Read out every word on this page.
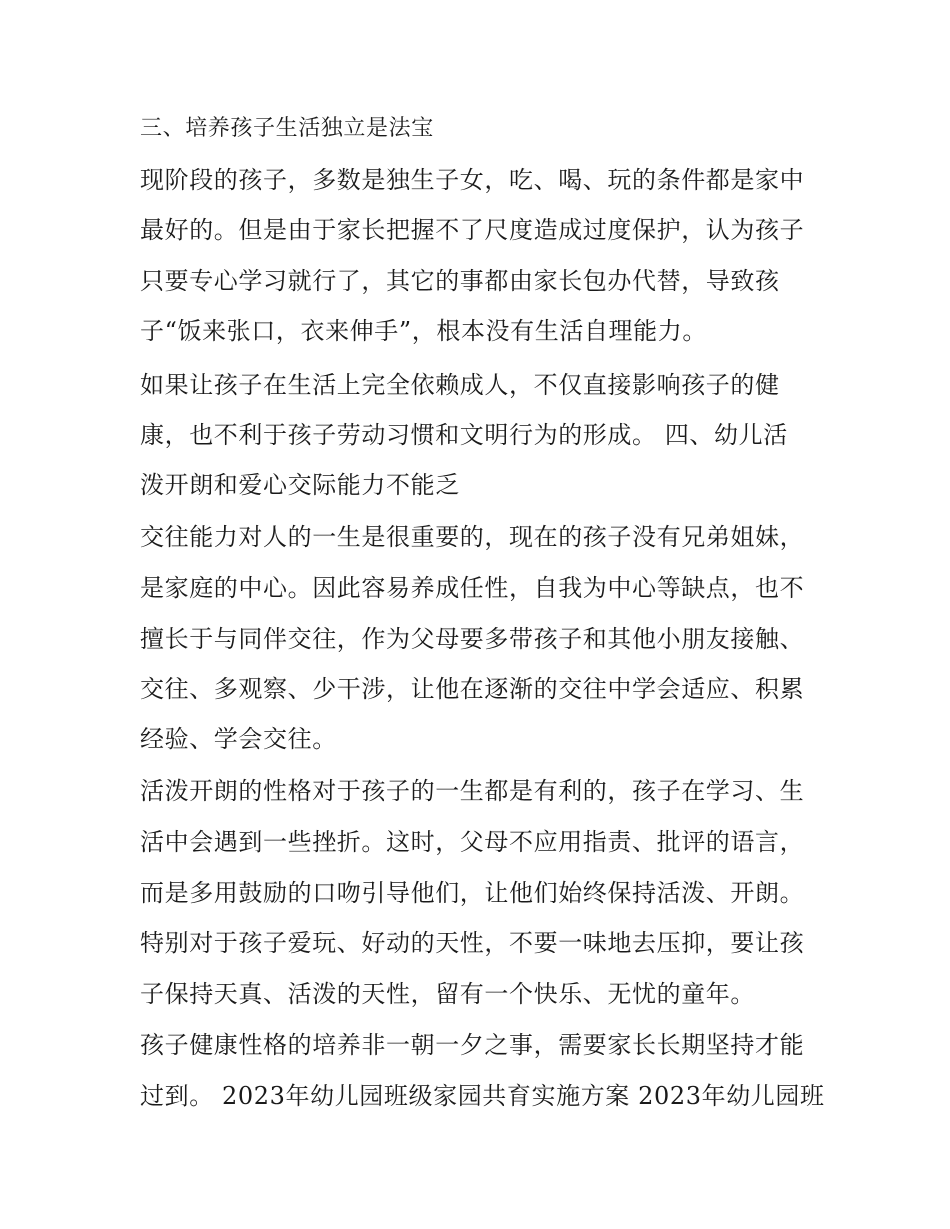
三、培养孩子生活独立是法宝
现阶段的孩子，多数是独生子女，吃、喝、玩的条件都是家中
最好的。但是由于家长把握不了尺度造成过度保护，认为孩子
只要专心学习就行了，其它的事都由家长包办代替，导致孩
子“饭来张口，衣来伸手”，根本没有生活自理能力。
如果让孩子在生活上完全依赖成人，不仅直接影响孩子的健
康，也不利于孩子劳动习惯和文明行为的形成。 四、幼儿活
泼开朗和爱心交际能力不能乏
交往能力对人的一生是很重要的，现在的孩子没有兄弟姐妹，
是家庭的中心。因此容易养成任性，自我为中心等缺点，也不
擅长于与同伴交往，作为父母要多带孩子和其他小朋友接触、
交往、多观察、少干涉，让他在逐渐的交往中学会适应、积累
经验、学会交往。
活泼开朗的性格对于孩子的一生都是有利的，孩子在学习、生
活中会遇到一些挫折。这时，父母不应用指责、批评的语言，
而是多用鼓励的口吻引导他们，让他们始终保持活泼、开朗。
特别对于孩子爱玩、好动的天性，不要一味地去压抑，要让孩
子保持天真、活泼的天性，留有一个快乐、无忧的童年。
孩子健康性格的培养非一朝一夕之事，需要家长长期坚持才能
过到。 2023年幼儿园班级家园共育实施方案 2023年幼儿园班
